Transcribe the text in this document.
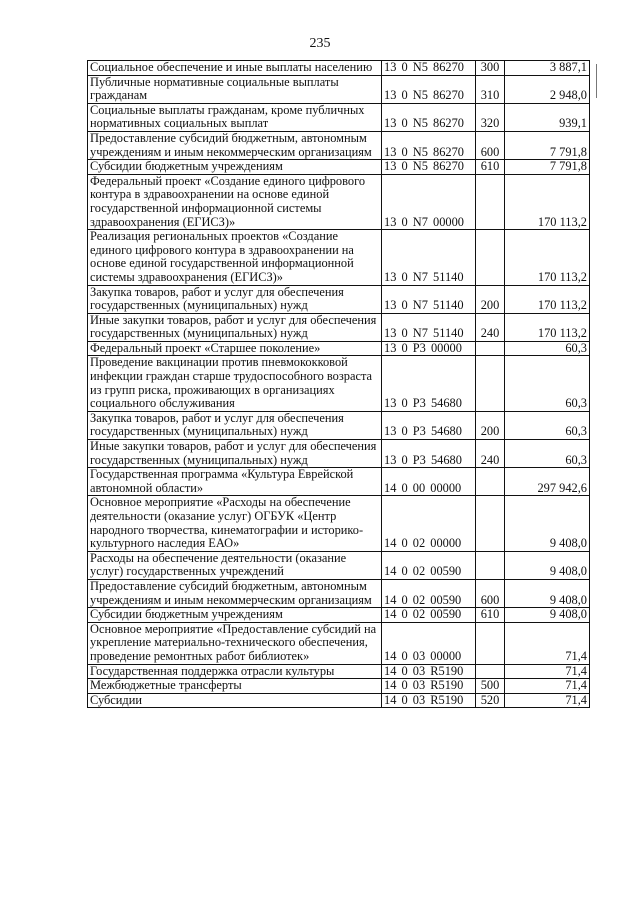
235
Социальное обеспечение и иные выплаты населению	13 0 N5 86270	300	3 887,1
Публичные нормативные социальные выплаты гражданам	13 0 N5 86270	310	2 948,0
Социальные выплаты гражданам, кроме публичных нормативных социальных выплат	13 0 N5 86270	320	939,1
Предоставление субсидий бюджетным, автономным учреждениям и иным некоммерческим организациям	13 0 N5 86270	600	7 791,8
Субсидии бюджетным учреждениям	13 0 N5 86270	610	7 791,8
Федеральный проект «Создание единого цифрового контура в здравоохранении на основе единой государственной информационной системы здравоохранения (ЕГИСЗ)»	13 0 N7 00000		170 113,2
Реализация региональных проектов «Создание единого цифрового контура в здравоохранении на основе единой государственной информационной системы здравоохранения (ЕГИСЗ)»	13 0 N7 51140		170 113,2
Закупка товаров, работ и услуг для обеспечения государственных (муниципальных) нужд	13 0 N7 51140	200	170 113,2
Иные закупки товаров, работ и услуг для обеспечения государственных (муниципальных) нужд	13 0 N7 51140	240	170 113,2
Федеральный проект «Старшее поколение»	13 0 P3 00000		60,3
Проведение вакцинации против пневмококковой инфекции граждан старше трудоспособного возраста из групп риска, проживающих в организациях социального обслуживания	13 0 P3 54680		60,3
Закупка товаров, работ и услуг для обеспечения государственных (муниципальных) нужд	13 0 P3 54680	200	60,3
Иные закупки товаров, работ и услуг для обеспечения государственных (муниципальных) нужд	13 0 P3 54680	240	60,3
Государственная программа «Культура Еврейской автономной области»	14 0 00 00000		297 942,6
Основное мероприятие «Расходы на обеспечение деятельности (оказание услуг) ОГБУК «Центр народного творчества, кинематографии и историко-культурного наследия ЕАО»	14 0 02 00000		9 408,0
Расходы на обеспечение деятельности (оказание услуг) государственных учреждений	14 0 02 00590		9 408,0
Предоставление субсидий бюджетным, автономным учреждениям и иным некоммерческим организациям	14 0 02 00590	600	9 408,0
Субсидии бюджетным учреждениям	14 0 02 00590	610	9 408,0
Основное мероприятие «Предоставление субсидий на укрепление материально-технического обеспечения, проведение ремонтных работ библиотек»	14 0 03 00000		71,4
Государственная поддержка отрасли культуры	14 0 03 R5190		71,4
Межбюджетные трансферты	14 0 03 R5190	500	71,4
Субсидии	14 0 03 R5190	520	71,4
